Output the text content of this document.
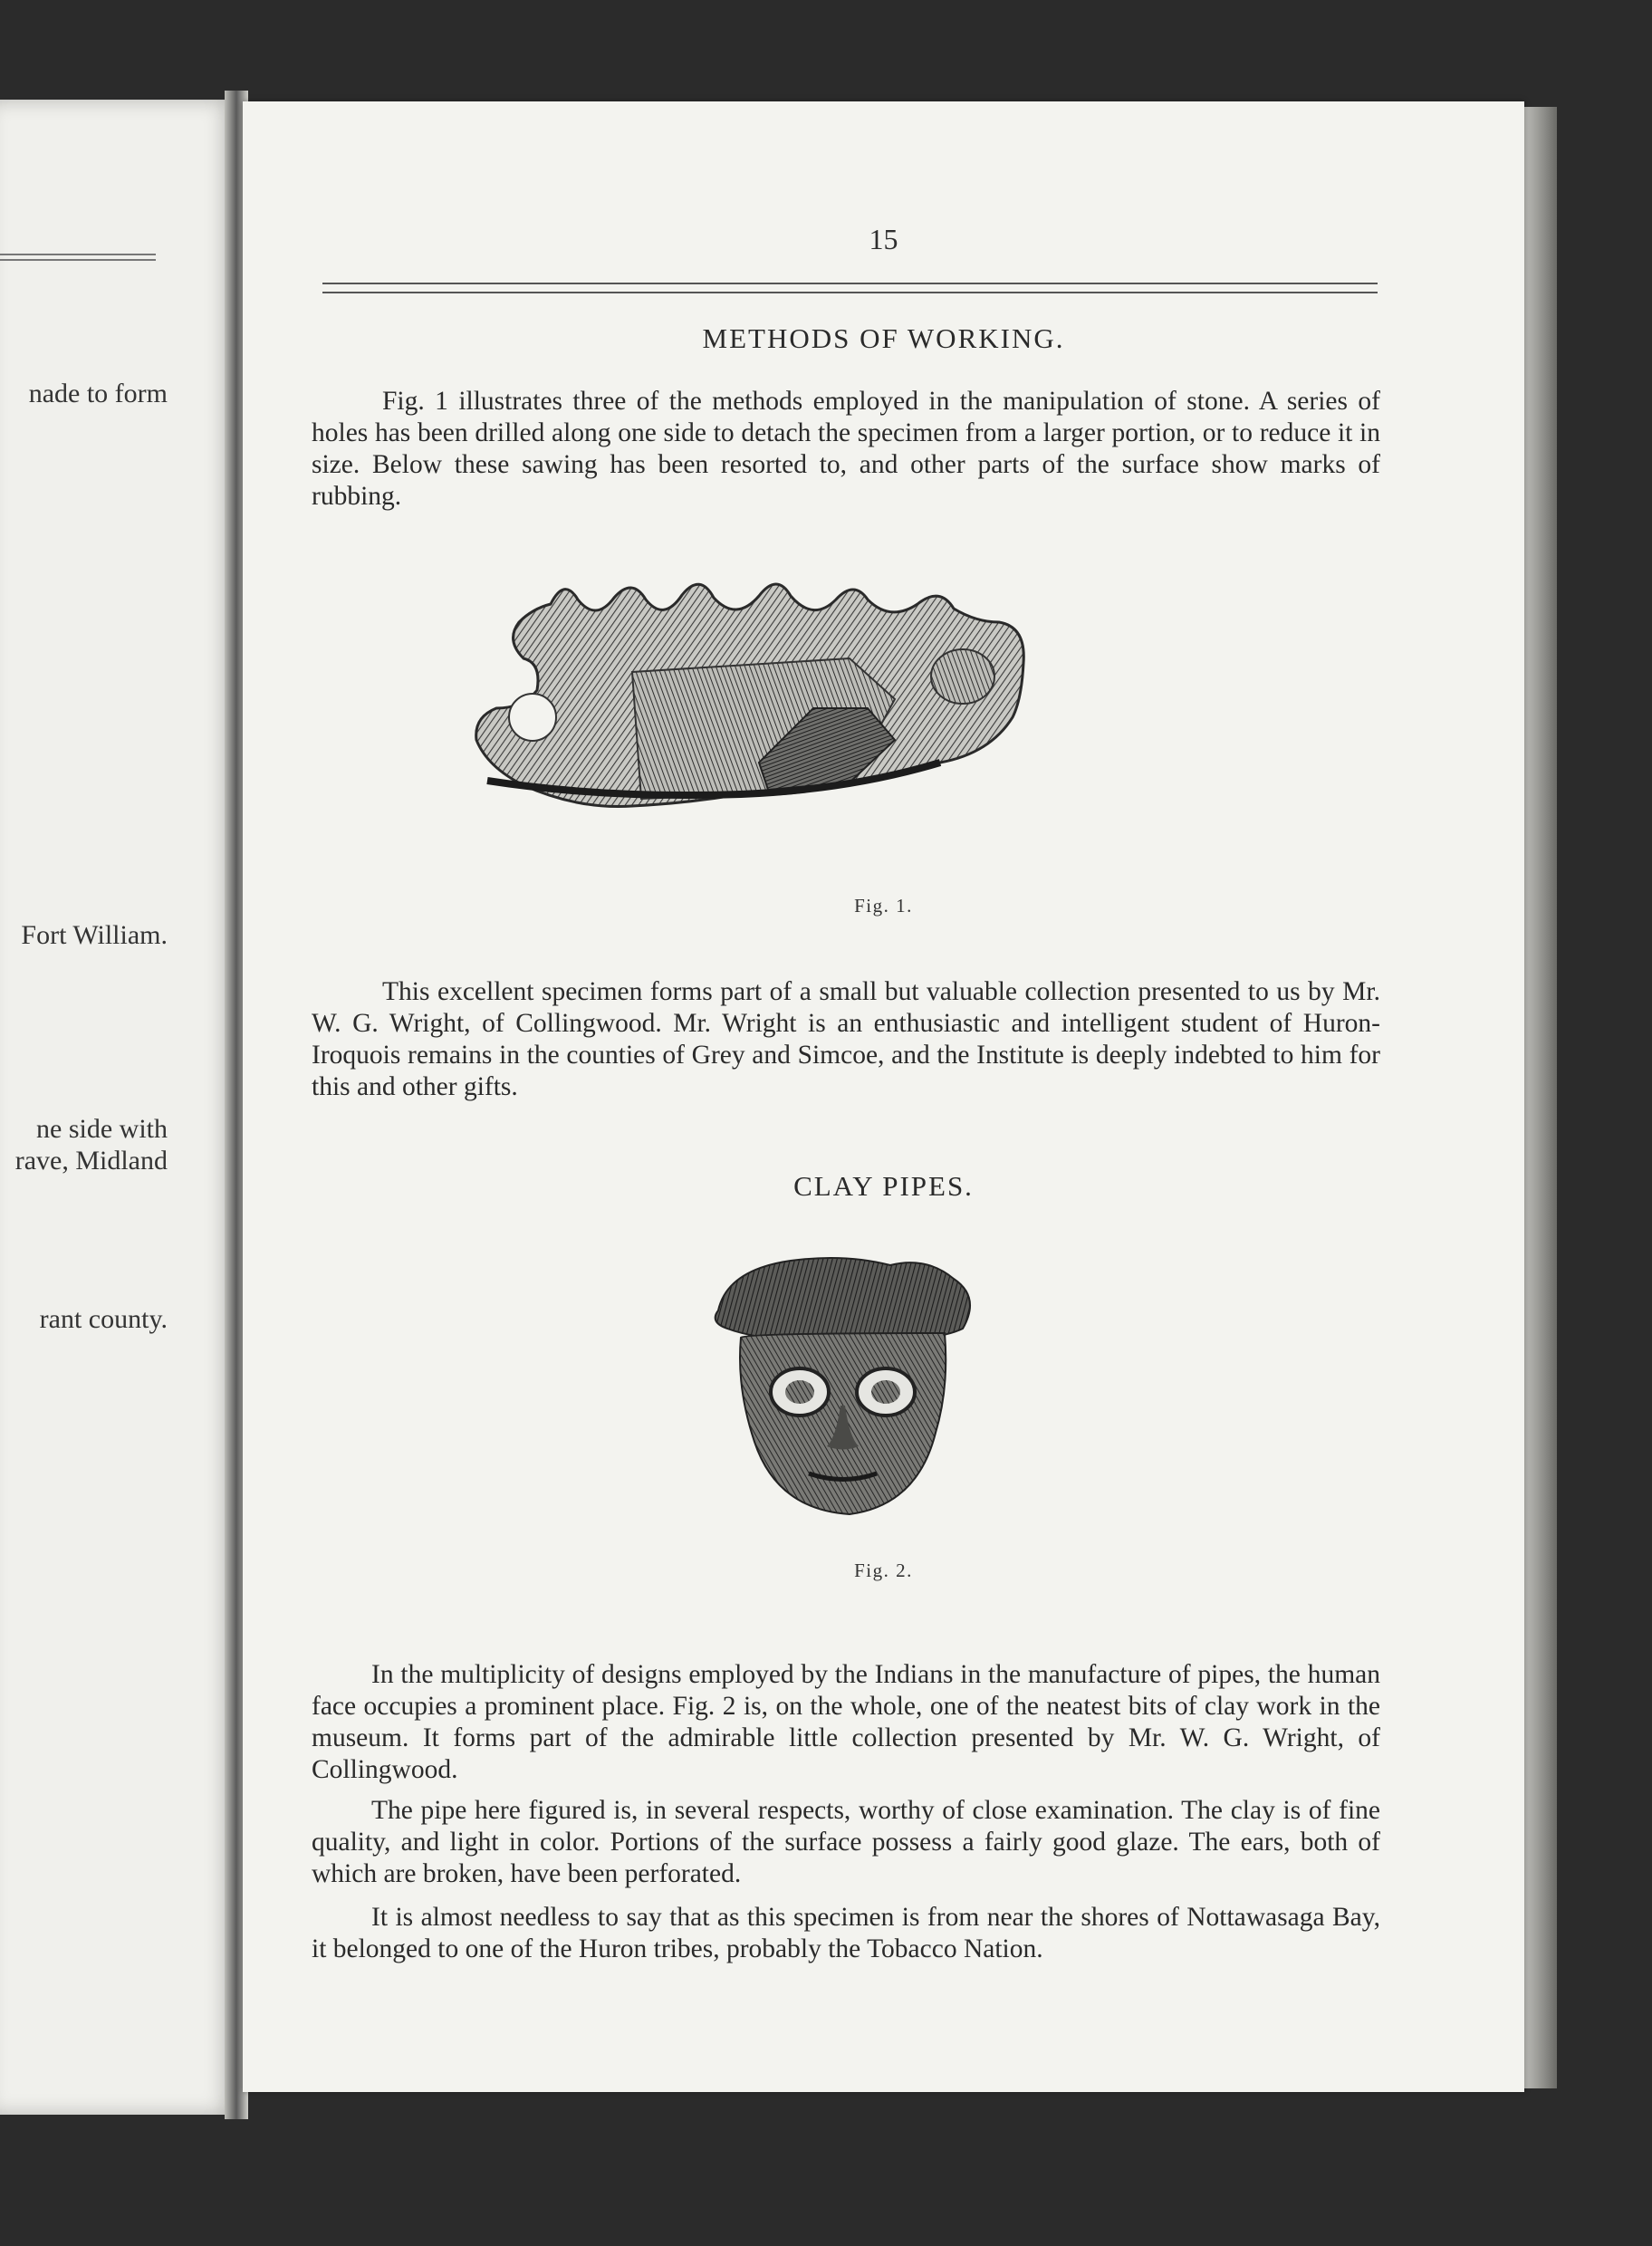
nade to form
Fort William.
ne side with
rave, Midland
rant county.
15
METHODS OF WORKING.

Fig. 1 illustrates three of the methods employed in the manipulation of stone. A series of holes has been drilled along one side to detach the specimen from a larger portion, or to reduce it in size. Below these sawing has been resorted to, and other parts of the surface show marks of rubbing.

Fig. 1.

This excellent specimen forms part of a small but valuable collection presented to us by Mr. W. G. Wright, of Collingwood. Mr. Wright is an enthusiastic and intelligent student of Huron-Iroquois remains in the counties of Grey and Simcoe, and the Institute is deeply indebted to him for this and other gifts.

CLAY PIPES.
Fig. 2.

In the multiplicity of designs employed by the Indians in the manufacture of pipes, the human face occupies a prominent place. Fig. 2 is, on the whole, one of the neatest bits of clay work in the museum. It forms part of the admirable little collection presented by Mr. W. G. Wright, of Collingwood.

The pipe here figured is, in several respects, worthy of close examination. The clay is of fine quality, and light in color. Portions of the surface possess a fairly good glaze. The ears, both of which are broken, have been perforated.

It is almost needless to say that as this specimen is from near the shores of Nottawasaga Bay, it belonged to one of the Huron tribes, probably the Tobacco Nation.
